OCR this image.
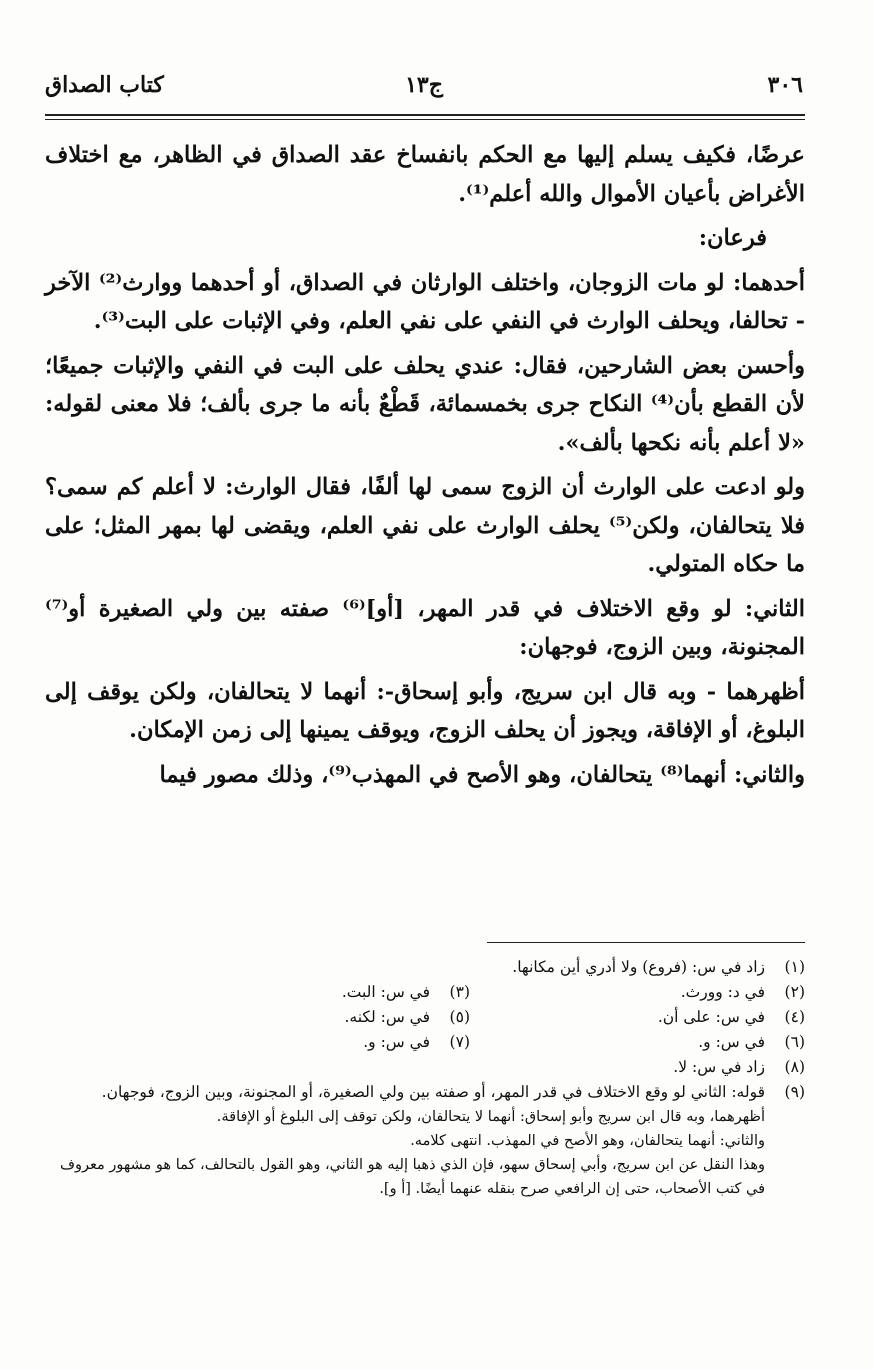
٣٠٦
ج١٣
كتاب الصداق

عرضًا، فكيف يسلم إليها مع الحكم بانفساخ عقد الصداق في الظاهر، مع اختلاف الأغراض بأعيان الأموال والله أعلم⁽¹⁾.

فرعان:

أحدهما: لو مات الزوجان، واختلف الوارثان في الصداق، أو أحدهما ووارث⁽²⁾ الآخر - تحالفا، ويحلف الوارث في النفي على نفي العلم، وفي الإثبات على البت⁽³⁾.

وأحسن بعض الشارحين، فقال: عندي يحلف على البت في النفي والإثبات جميعًا؛ لأن القطع بأن⁽⁴⁾ النكاح جرى بخمسمائة، قَطْعٌ بأنه ما جرى بألف؛ فلا معنى لقوله: «لا أعلم بأنه نكحها بألف».

ولو ادعت على الوارث أن الزوج سمى لها ألفًا، فقال الوارث: لا أعلم كم سمى؟ فلا يتحالفان، ولكن⁽⁵⁾ يحلف الوارث على نفي العلم، ويقضى لها بمهر المثل؛ على ما حكاه المتولي.

الثاني: لو وقع الاختلاف في قدر المهر، [أو]⁽⁶⁾ صفته بين ولي الصغيرة أو⁽⁷⁾ المجنونة، وبين الزوج، فوجهان:

أظهرهما - وبه قال ابن سريج، وأبو إسحاق-: أنهما لا يتحالفان، ولكن يوقف إلى البلوغ، أو الإفاقة، ويجوز أن يحلف الزوج، ويوقف يمينها إلى زمن الإمكان.

والثاني: أنهما⁽⁸⁾ يتحالفان، وهو الأصح في المهذب⁽⁹⁾، وذلك مصور فيما

(١)زاد في س: (فروع) ولا أدري أين مكانها.
(٢)في د: وورث.
(٣)في س: البت.
(٤)في س: على أن.
(٥)في س: لكنه.
(٦)في س: و.
(٧)في س: و.
(٨)زاد في س: لا.
(٩)
قوله: الثاني لو وقع الاختلاف في قدر المهر، أو صفته بين ولي الصغيرة، أو المجنونة، وبين الزوج، فوجهان.
أظهرهما، وبه قال ابن سريج وأبو إسحاق: أنهما لا يتحالفان، ولكن توقف إلى البلوغ أو الإفاقة.
والثاني: أنهما يتحالفان، وهو الأصح في المهذب. انتهى كلامه.
وهذا النقل عن ابن سريج، وأبي إسحاق سهو، فإن الذي ذهبا إليه هو الثاني، وهو القول بالتحالف، كما هو مشهور معروف في كتب الأصحاب، حتى إن الرافعي صرح بنقله عنهما أيضًا. [أ و].
